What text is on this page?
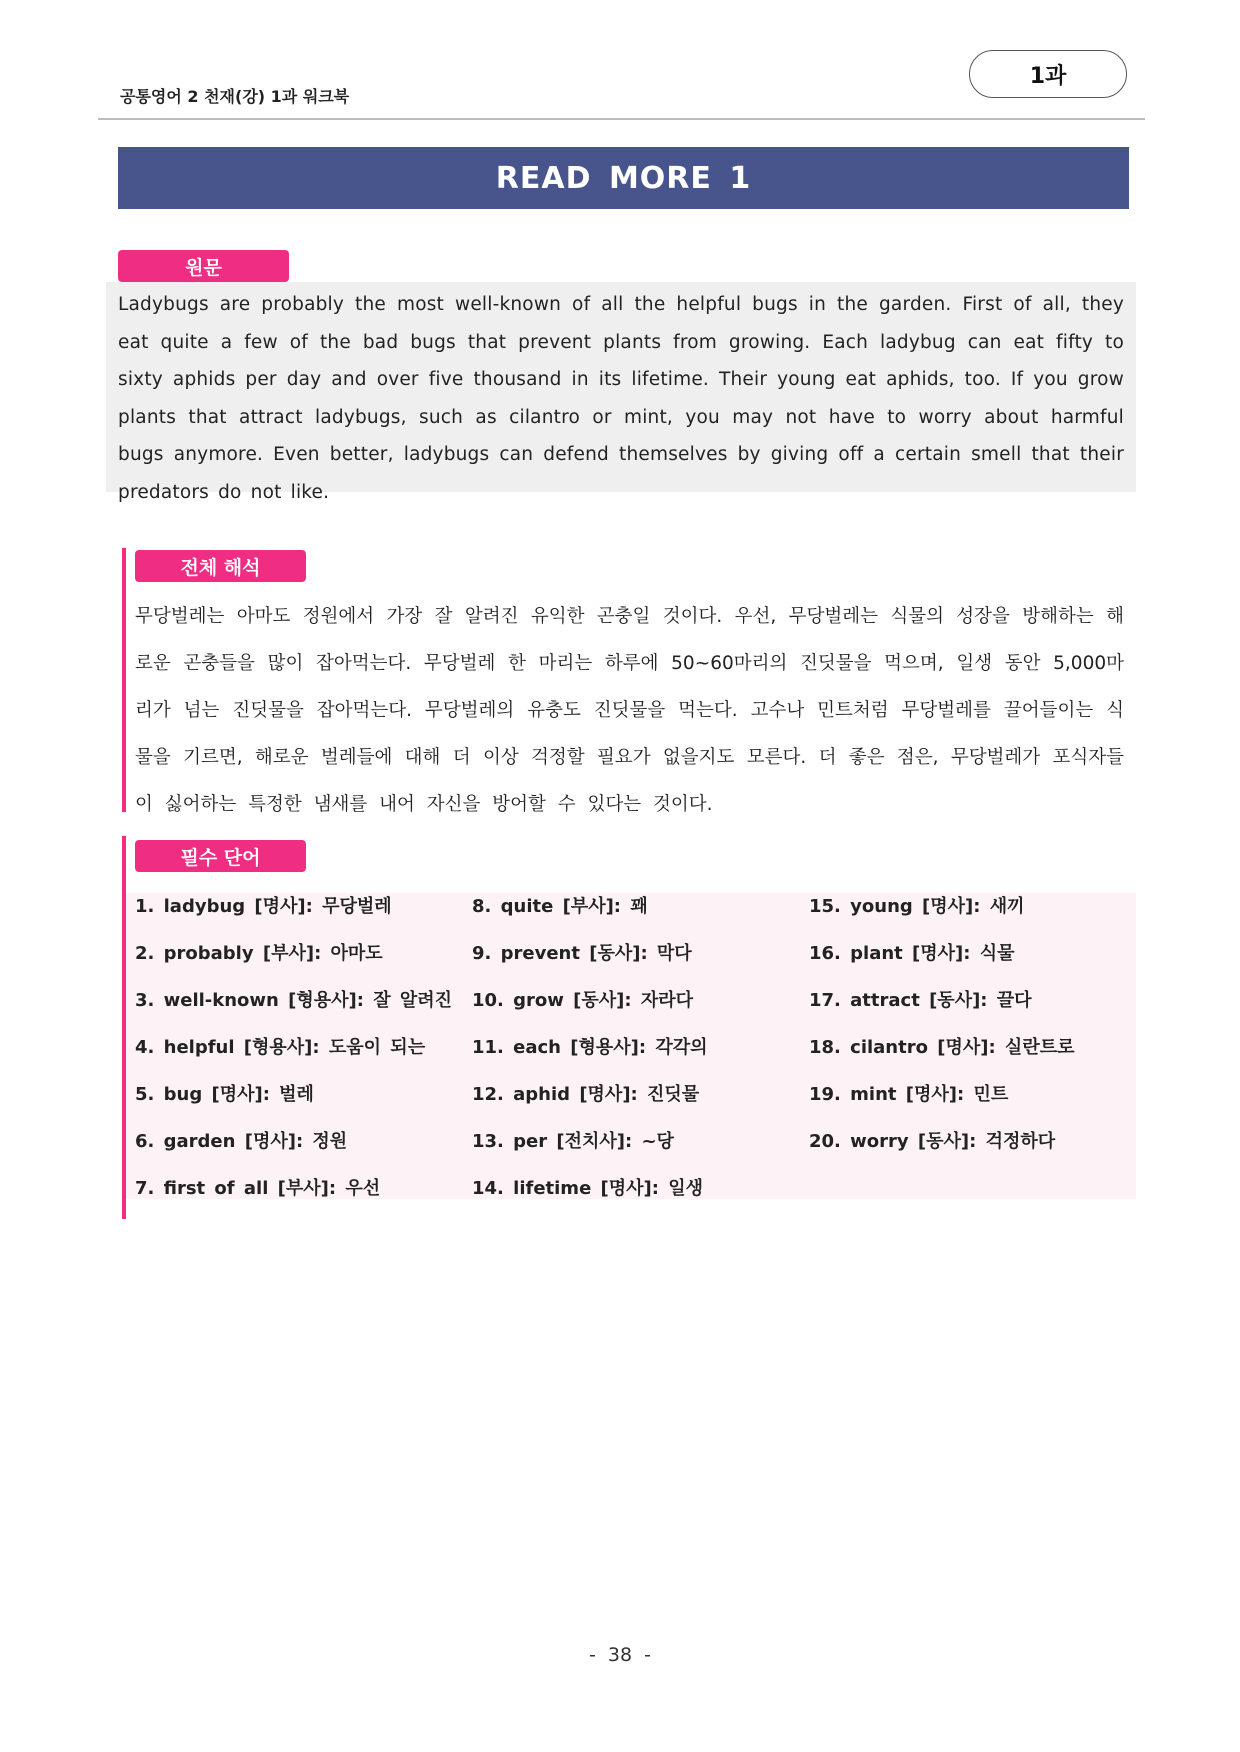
공통영어 2 천재(강) 1과 워크북
1과
READ MORE 1
원문
Ladybugs are probably the most well-known of all the helpful bugs in the garden. First of all, they eat quite a few of the bad bugs that prevent plants from growing. Each ladybug can eat fifty to sixty aphids per day and over five thousand in its lifetime. Their young eat aphids, too. If you grow plants that attract ladybugs, such as cilantro or mint, you may not have to worry about harmful bugs anymore. Even better, ladybugs can defend themselves by giving off a certain smell that their predators do not like.
전체 해석
무당벌레는 아마도 정원에서 가장 잘 알려진 유익한 곤충일 것이다. 우선, 무당벌레는 식물의 성장을 방해하는 해로운 곤충들을 많이 잡아먹는다. 무당벌레 한 마리는 하루에 50~60마리의 진딧물을 먹으며, 일생 동안 5,000마리가 넘는 진딧물을 잡아먹는다. 무당벌레의 유충도 진딧물을 먹는다. 고수나 민트처럼 무당벌레를 끌어들이는 식물을 기르면, 해로운 벌레들에 대해 더 이상 걱정할 필요가 없을지도 모른다. 더 좋은 점은, 무당벌레가 포식자들이 싫어하는 특정한 냄새를 내어 자신을 방어할 수 있다는 것이다.
필수 단어
1. ladybug [명사]: 무당벌레
2. probably [부사]: 아마도
3. well-known [형용사]: 잘 알려진
4. helpful [형용사]: 도움이 되는
5. bug [명사]: 벌레
6. garden [명사]: 정원
7. first of all [부사]: 우선
8. quite [부사]: 꽤
9. prevent [동사]: 막다
10. grow [동사]: 자라다
11. each [형용사]: 각각의
12. aphid [명사]: 진딧물
13. per [전치사]: ~당
14. lifetime [명사]: 일생
15. young [명사]: 새끼
16. plant [명사]: 식물
17. attract [동사]: 끌다
18. cilantro [명사]: 실란트로
19. mint [명사]: 민트
20. worry [동사]: 걱정하다
- 38 -
